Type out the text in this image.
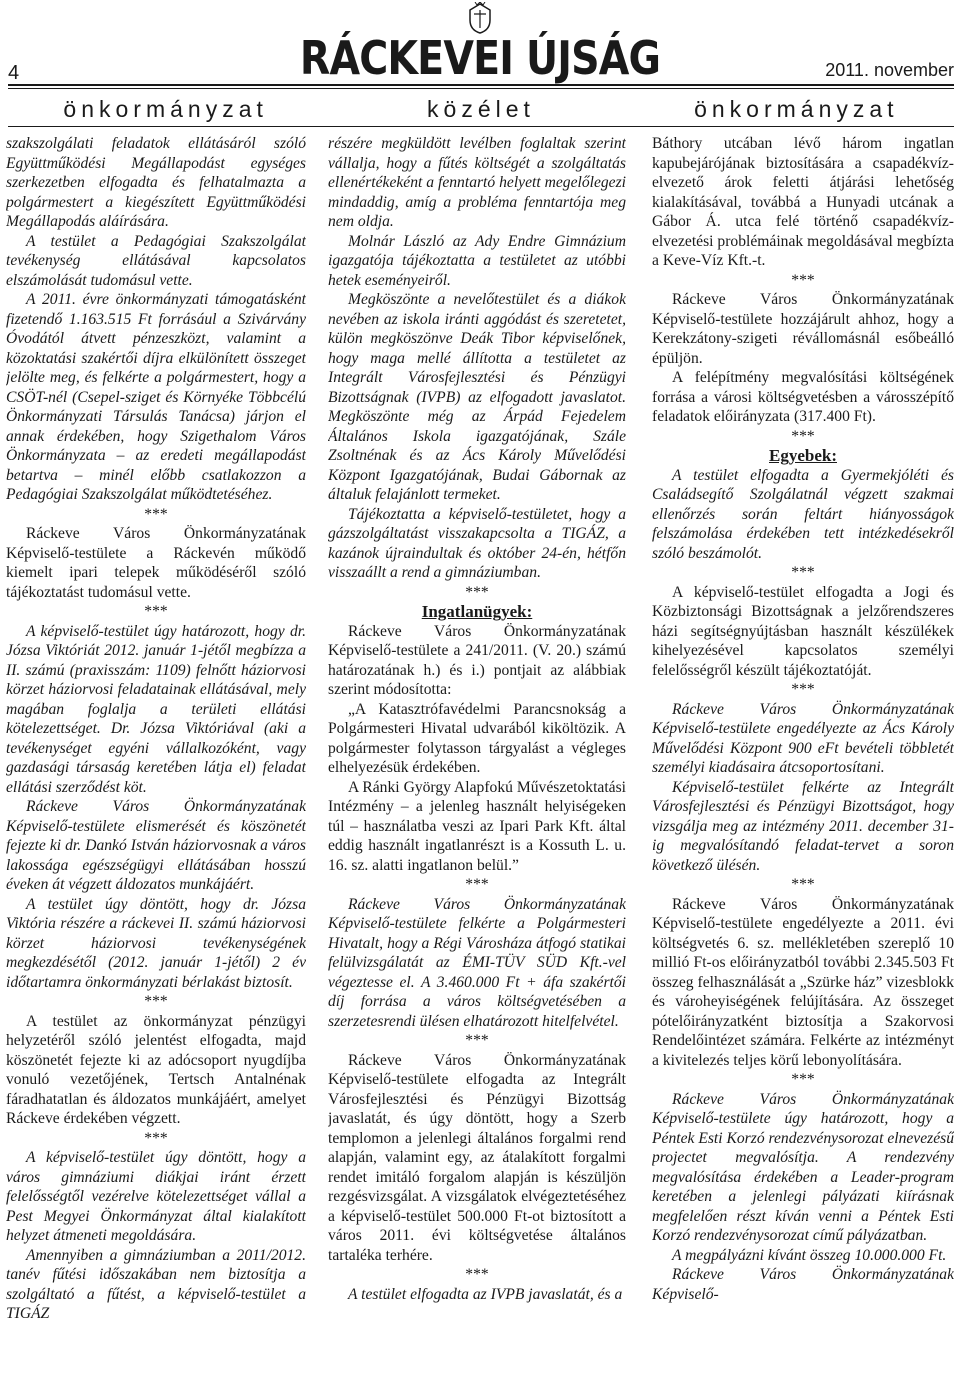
4	RÁCKEVEI ÚJSÁG	2011. november
önkormányzat	közélet	önkormányzat

szakszolgálati feladatok ellátásáról szóló Együttműködési Megállapodást egységes szerkezetben elfogadta és felhatalmazta a polgármestert a kiegészített Együttműködési Megállapodás aláírására.

A testület a Pedagógiai Szakszolgálat tevékenység ellátásával kapcsolatos elszámolását tudomásul vette.

A 2011. évre önkormányzati támogatásként fizetendő 1.163.515 Ft forrásául a Szivárvány Óvodától átvett pénzeszközt, valamint a közoktatási szakértői díjra elkülönített összeget jelölte meg, és felkérte a polgármestert, hogy a CSÖT-nél (Csepel-sziget és Környéke Többcélú Önkormányzati Társulás Tanácsa) járjon el annak érdekében, hogy Szigethalom Város Önkormányzata – az eredeti megállapodást betartva – minél előbb csatlakozzon a Pedagógiai Szakszolgálat működtetéséhez.

***

Ráckeve Város Önkormányzatának Képviselő-testülete a Ráckevén működő kiemelt ipari telepek működéséről szóló tájékoztatást tudomásul vette.

***

A képviselő-testület úgy határozott, hogy dr. Józsa Viktóriát 2012. január 1-jétől megbízza a II. számú (praxisszám: 1109) felnőtt háziorvosi körzet háziorvosi feladatainak ellátásával, mely magában foglalja a területi ellátási kötelezettséget. Dr. Józsa Viktóriával (aki a tevékenységet egyéni vállalkozóként, vagy gazdasági társaság keretében látja el) feladat ellátási szerződést köt.

Ráckeve Város Önkormányzatának Képviselő-testülete elismerését és köszönetét fejezte ki dr. Dankó István háziorvosnak a város lakossága egészségügyi ellátásában hosszú éveken át végzett áldozatos munkájáért.

A testület úgy döntött, hogy dr. Józsa Viktória részére a ráckevei II. számú háziorvosi körzet háziorvosi tevékenységének megkezdésétől (2012. január 1-jétől) 2 év időtartamra önkormányzati bérlakást biztosít.

***

A testület az önkormányzat pénzügyi helyzetéről szóló jelentést elfogadta, majd köszönetét fejezte ki az adócsoport nyugdíjba vonuló vezetőjének, Tertsch Antalnénak fáradhatatlan és áldozatos munkájáért, amelyet Ráckeve érdekében végzett.

***

A képviselő-testület úgy döntött, hogy a város gimnáziumi diákjai iránt érzett felelősségtől vezérelve kötelezettséget vállal a Pest Megyei Önkormányzat által kialakított helyzet átmeneti megoldására.

Amennyiben a gimnáziumban a 2011/2012. tanév fűtési időszakában nem biztosítja a szolgáltató a fűtést, a képviselő-testület a TIGÁZ

részére megküldött levélben foglaltak szerint vállalja, hogy a fűtés költségét a szolgáltatás ellenértékeként a fenntartó helyett megelőlegezi mindaddig, amíg a probléma fenntartója meg nem oldja.

Molnár László az Ady Endre Gimnázium igazgatója tájékoztatta a testületet az utóbbi hetek eseményeiről.

Megköszönte a nevelőtestület és a diákok nevében az iskola iránti aggódást és szeretetet, külön megköszönve Deák Tibor képviselőnek, hogy maga mellé állította a testületet az Integrált Városfejlesztési és Pénzügyi Bizottságnak (IVPB) az elfogadott javaslatot. Megköszönte még az Árpád Fejedelem Általános Iskola igazgatójának, Szále Zsoltnénak és az Ács Károly Művelődési Központ Igazgatójának, Budai Gábornak az általuk felajánlott termeket.

Tájékoztatta a képviselő-testületet, hogy a gázszolgáltatást visszakapcsolta a TIGÁZ, a kazánok újraindultak és október 24-én, hétfőn visszaállt a rend a gimnáziumban.

***

Ingatlanügyek:

Ráckeve Város Önkormányzatának Képviselő-testülete a 241/2011. (V. 20.) számú határozatának h.) és i.) pontjait az alábbiak szerint módosította:

„A Katasztrófavédelmi Parancsnokság a Polgármesteri Hivatal udvarából kiköltözik. A polgármester folytasson tárgyalást a végleges elhelyezésük érdekében.

A Ránki György Alapfokú Művészetoktatási Intézmény – a jelenleg használt helyiségeken túl – használatba veszi az Ipari Park Kft. által eddig használt ingatlanrészt is a Kossuth L. u. 16. sz. alatti ingatlanon belül.”

***

Ráckeve Város Önkormányzatának Képviselő-testülete felkérte a Polgármesteri Hivatalt, hogy a Régi Városháza átfogó statikai felülvizsgálatát az ÉMI-TÜV SÜD Kft.-vel végeztesse el. A 3.460.000 Ft + áfa szakértői díj forrása a város költségvetésében a szerzetesrendi ülésen elhatározott hitelfelvétel.

***

Ráckeve Város Önkormányzatának Képviselő-testülete elfogadta az Integrált Városfejlesztési és Pénzügyi Bizottság javaslatát, és úgy döntött, hogy a Szerb templomon a jelenlegi általános forgalmi rend alapján, valamint egy, az átalakított forgalmi rendet imitáló forgalom alapján is készüljön rezgésvizsgálat. A vizsgálatok elvégeztetéséhez a képviselő-testület 500.000 Ft-ot biztosított a város 2011. évi költségvetése általános tartaléka terhére.

***

A testület elfogadta az IVPB javaslatát, és a

Báthory utcában lévő három ingatlan kapubejárójának biztosítására a csapadékvíz-elvezető árok feletti átjárási lehetőség kialakításával, továbbá a Hunyadi utcának a Gábor Á. utca felé történő csapadékvíz-elvezetési problémáinak megoldásával megbízta a Keve-Víz Kft.-t.

***

Ráckeve Város Önkormányzatának Képviselő-testülete hozzájárult ahhoz, hogy a Kerekzátony-szigeti révállomásnál esőbeálló épüljön.

A felépítmény megvalósítási költségének forrása a városi költségvetésben a városszépítő feladatok előirányzata (317.400 Ft).

***

Egyebek:

A testület elfogadta a Gyermekjóléti és Családsegítő Szolgálatnál végzett szakmai ellenőrzés során feltárt hiányosságok felszámolása érdekében tett intézkedésekről szóló beszámolót.

***

A képviselő-testület elfogadta a Jogi és Közbiztonsági Bizottságnak a jelzőrendszeres házi segítségnyújtásban használt készülékek kihelyezésével kapcsolatos személyi felelősségről készült tájékoztatóját.

***

Ráckeve Város Önkormányzatának Képviselő-testülete engedélyezte az Ács Károly Művelődési Központ 900 eFt bevételi többletét személyi kiadásaira átcsoportosítani.

Képviselő-testület felkérte az Integrált Városfejlesztési és Pénzügyi Bizottságot, hogy vizsgálja meg az intézmény 2011. december 31-ig megvalósítandó feladat-tervet a soron következő ülésén.

***

Ráckeve Város Önkormányzatának Képviselő-testülete engedélyezte a 2011. évi költségvetés 6. sz. mellékletében szereplő 10 millió Ft-os előirányzatból további 2.345.503 Ft összeg felhasználását a „Szürke ház” vizesblokk és vároheyiségének felújítására. Az összeget pótelőirányzatként biztosítja a Szakorvosi Rendelőintézet számára. Felkérte az intézményt a kivitelezés teljes körű lebonyolítására.

***

Ráckeve Város Önkormányzatának Képviselő-testülete úgy határozott, hogy a Péntek Esti Korzó rendezvénysorozat elnevezésű projectet megvalósítja. A rendezvény megvalósítása érdekében a Leader-program keretében a jelenlegi pályázati kiírásnak megfelelően részt kíván venni a Péntek Esti Korzó rendezvénysorozat című pályázatban.

A megpályázni kívánt összeg 10.000.000 Ft.

Ráckeve Város Önkormányzatának Képviselő-
